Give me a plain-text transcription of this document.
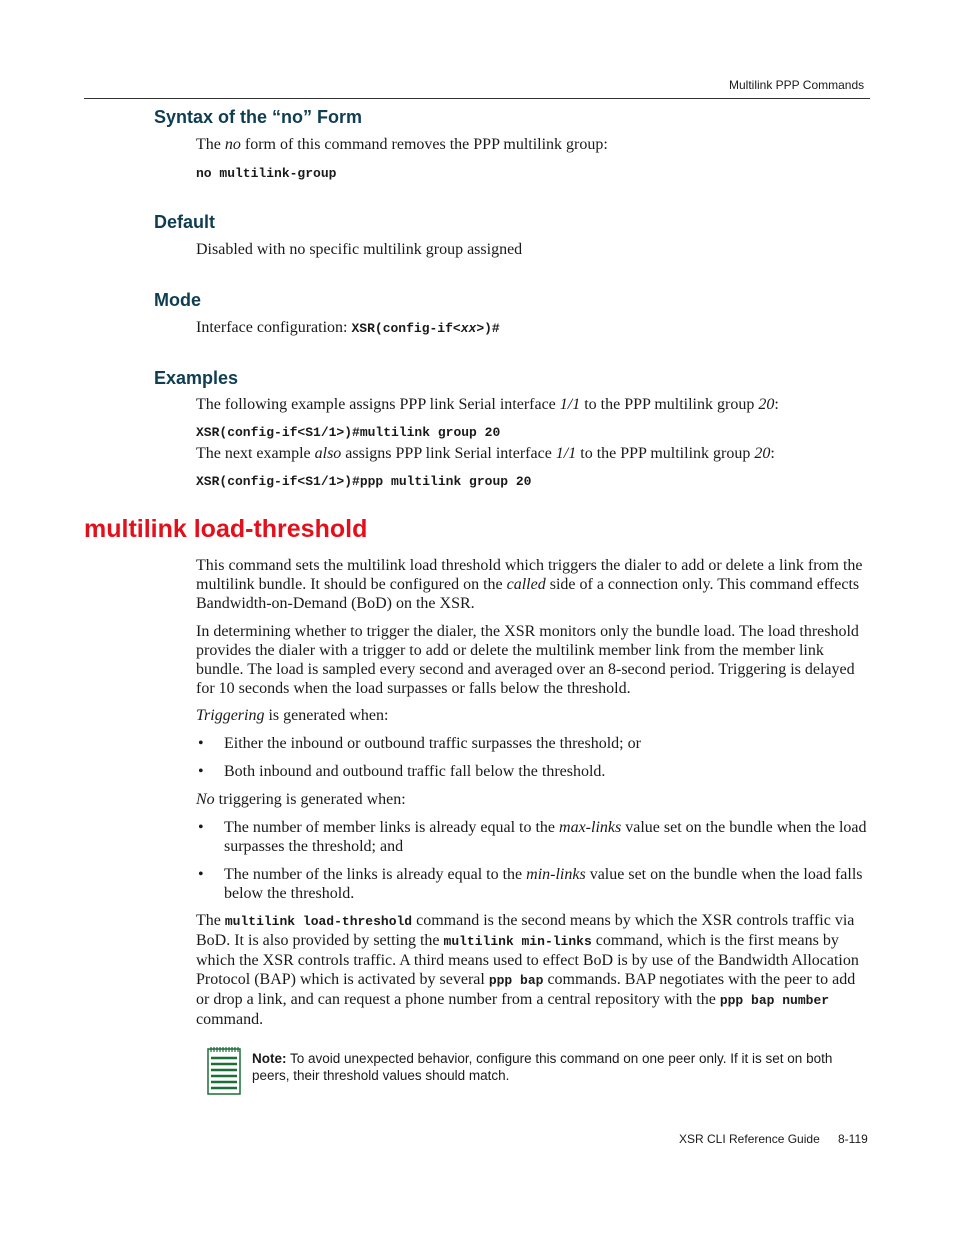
Multilink PPP Commands
Syntax of the “no” Form

The no form of this command removes the PPP multilink group:

no multilink-group
Default

Disabled with no specific multilink group assigned

Mode

Interface configuration: XSR(config-if<xx>)#

Examples

The following example assigns PPP link Serial interface 1/1 to the PPP multilink group 20:

XSR(config-if<S1/1>)#multilink group 20

The next example also assigns PPP link Serial interface 1/1 to the PPP multilink group 20:

XSR(config-if<S1/1>)#ppp multilink group 20
multilink load-threshold

This command sets the multilink load threshold which triggers the dialer to add or delete a link from the multilink bundle. It should be configured on the called side of a connection only. This command effects Bandwidth-on-Demand (BoD) on the XSR.

In determining whether to trigger the dialer, the XSR monitors only the bundle load. The load threshold provides the dialer with a trigger to add or delete the multilink member link from the member link bundle. The load is sampled every second and averaged over an 8-second period. Triggering is delayed for 10 seconds when the load surpasses or falls below the threshold.

Triggering is generated when:

• Either the inbound or outbound traffic surpasses the threshold; or

• Both inbound and outbound traffic fall below the threshold.

No triggering is generated when:

• The number of member links is already equal to the max-links value set on the bundle when the load surpasses the threshold; and

• The number of the links is already equal to the min-links value set on the bundle when the load falls below the threshold.

The multilink load-threshold command is the second means by which the XSR controls traffic via BoD. It is also provided by setting the multilink min-links command, which is the first means by which the XSR controls traffic. A third means used to effect BoD is by use of the Bandwidth Allocation Protocol (BAP) which is activated by several ppp bap commands. BAP negotiates with the peer to add or drop a link, and can request a phone number from a central repository with the ppp bap number command.

Note: To avoid unexpected behavior, configure this command on one peer only. If it is set on both peers, their threshold values should match.

XSR CLI Reference Guide 8-119
